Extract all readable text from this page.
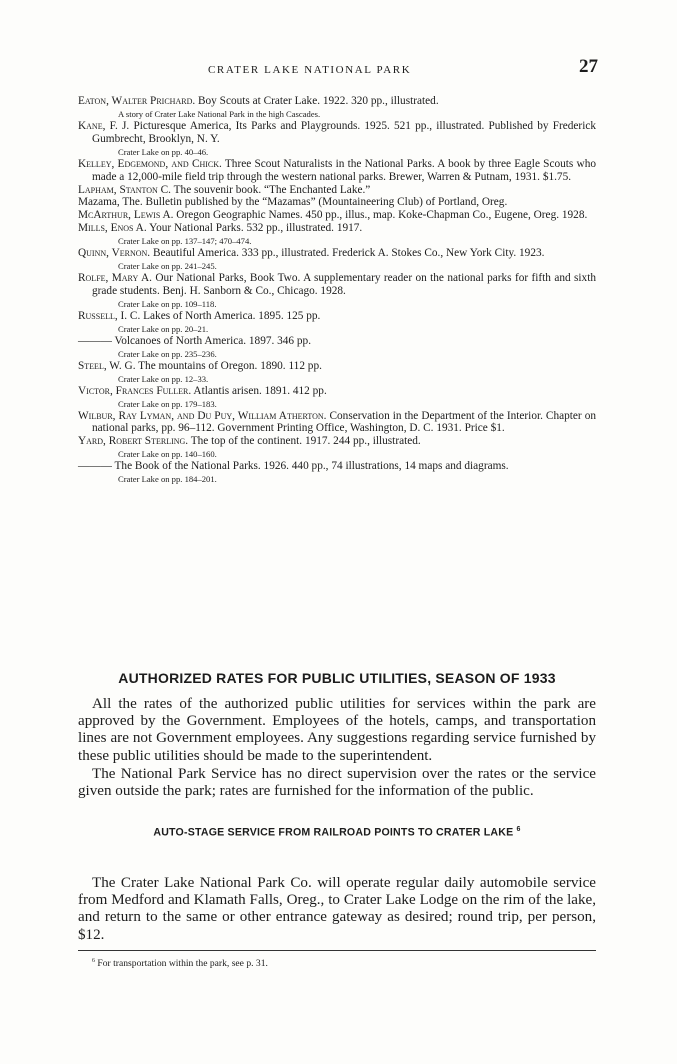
CRATER LAKE NATIONAL PARK	27
Eaton, Walter Prichard. Boy Scouts at Crater Lake. 1922. 320 pp., illustrated.
A story of Crater Lake National Park in the high Cascades.
Kane, F. J. Picturesque America, Its Parks and Playgrounds. 1925. 521 pp., illustrated. Published by Frederick Gumbrecht, Brooklyn, N. Y.
Crater Lake on pp. 40–46.
Kelley, Edgemond, and Chick. Three Scout Naturalists in the National Parks. A book by three Eagle Scouts who made a 12,000-mile field trip through the western national parks. Brewer, Warren & Putnam, 1931. $1.75.
Lapham, Stanton C. The souvenir book. “The Enchanted Lake.”
Mazama, The. Bulletin published by the “Mazamas” (Mountaineering Club) of Portland, Oreg.
McArthur, Lewis A. Oregon Geographic Names. 450 pp., illus., map. Koke-Chapman Co., Eugene, Oreg. 1928.
Mills, Enos A. Your National Parks. 532 pp., illustrated. 1917.
Crater Lake on pp. 137–147; 470–474.
Quinn, Vernon. Beautiful America. 333 pp., illustrated. Frederick A. Stokes Co., New York City. 1923.
Crater Lake on pp. 241–245.
Rolfe, Mary A. Our National Parks, Book Two. A supplementary reader on the national parks for fifth and sixth grade students. Benj. H. Sanborn & Co., Chicago. 1928.
Crater Lake on pp. 109–118.
Russell, I. C. Lakes of North America. 1895. 125 pp.
Crater Lake on pp. 20–21.
——— Volcanoes of North America. 1897. 346 pp.
Crater Lake on pp. 235–236.
Steel, W. G. The mountains of Oregon. 1890. 112 pp.
Crater Lake on pp. 12–33.
Victor, Frances Fuller. Atlantis arisen. 1891. 412 pp.
Crater Lake on pp. 179–183.
Wilbur, Ray Lyman, and Du Puy, William Atherton. Conservation in the Department of the Interior. Chapter on national parks, pp. 96–112. Government Printing Office, Washington, D. C. 1931. Price $1.
Yard, Robert Sterling. The top of the continent. 1917. 244 pp., illustrated.
Crater Lake on pp. 140–160.
——— The Book of the National Parks. 1926. 440 pp., 74 illustrations, 14 maps and diagrams.
Crater Lake on pp. 184–201.
AUTHORIZED RATES FOR PUBLIC UTILITIES, SEASON OF 1933

All the rates of the authorized public utilities for services within the park are approved by the Government. Employees of the hotels, camps, and transportation lines are not Government employees. Any suggestions regarding service furnished by these public utilities should be made to the superintendent.

The National Park Service has no direct supervision over the rates or the service given outside the park; rates are furnished for the information of the public.

AUTO-STAGE SERVICE FROM RAILROAD POINTS TO CRATER LAKE $^6$

The Crater Lake National Park Co. will operate regular daily automobile service from Medford and Klamath Falls, Oreg., to Crater Lake Lodge on the rim of the lake, and return to the same or other entrance gateway as desired; round trip, per person, $12.

$^6$ For transportation within the park, see p. 31.
